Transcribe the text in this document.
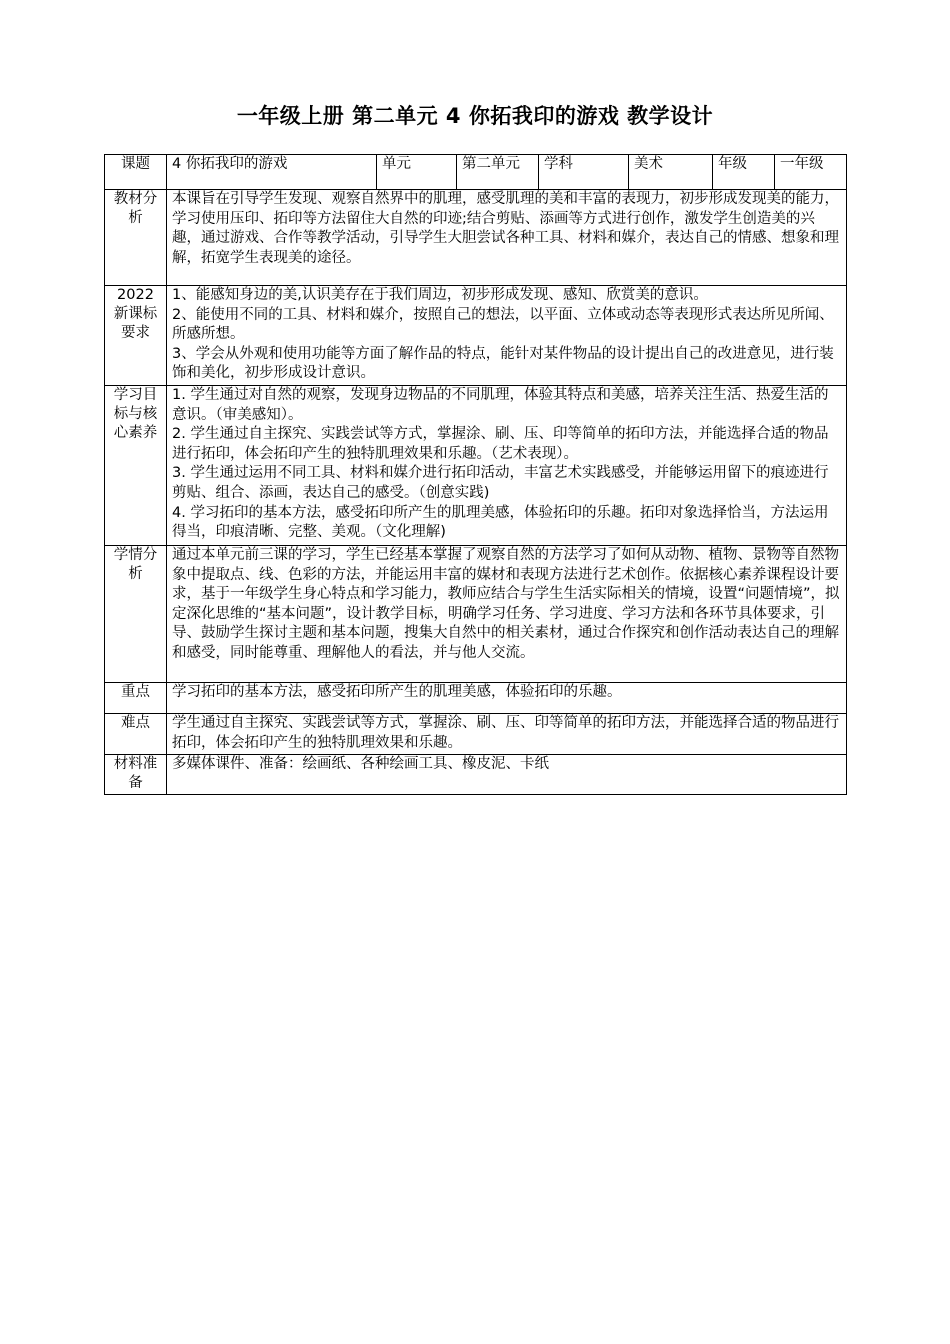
一年级上册 第二单元 4 你拓我印的游戏 教学设计
课题	4 你拓我印的游戏	单元	第二单元	学科	美术	年级	一年级
教材分析	本课旨在引导学生发现、观察自然界中的肌理，感受肌理的美和丰富的表现力，初步形成发现美的能力，学习使用压印、拓印等方法留住大自然的印迹;结合剪贴、添画等方式进行创作，激发学生创造美的兴趣，通过游戏、合作等教学活动，引导学生大胆尝试各种工具、材料和媒介，表达自己的情感、想象和理解，拓宽学生表现美的途径。						
2022新课标要求	1、能感知身边的美,认识美存在于我们周边，初步形成发现、感知、欣赏美的意识。

2、能使用不同的工具、材料和媒介，按照自己的想法，以平面、立体或动态等表现形式表达所见所闻、所感所想。

3、学会从外观和使用功能等方面了解作品的特点，能针对某件物品的设计提出自己的改进意见，进行装饰和美化，初步形成设计意识。						

学习目标与核心素养	1. 学生通过对自然的观察，发现身边物品的不同肌理，体验其特点和美感，培养关注生活、热爱生活的意识。（审美感知）。

2. 学生通过自主探究、实践尝试等方式，掌握涂、刷、压、印等简单的拓印方法，并能选择合适的物品进行拓印，体会拓印产生的独特肌理效果和乐趣。（艺术表现）。

3. 学生通过运用不同工具、材料和媒介进行拓印活动，丰富艺术实践感受，并能够运用留下的痕迹进行剪贴、组合、添画，表达自己的感受。（创意实践)

4. 学习拓印的基本方法，感受拓印所产生的肌理美感，体验拓印的乐趣。拓印对象选择恰当，方法运用得当，印痕清晰、完整、美观。（文化理解)						

学情分析	通过本单元前三课的学习，学生已经基本掌握了观察自然的方法学习了如何从动物、植物、景物等自然物象中提取点、线、色彩的方法，并能运用丰富的媒材和表现方法进行艺术创作。依据核心素养课程设计要求，基于一年级学生身心特点和学习能力，教师应结合与学生生活实际相关的情境，设置“问题情境”，拟定深化思维的“基本问题”，设计教学目标，明确学习任务、学习进度、学习方法和各环节具体要求，引导、鼓励学生探讨主题和基本问题，搜集大自然中的相关素材，通过合作探究和创作活动表达自己的理解和感受，同时能尊重、理解他人的看法，并与他人交流。						
重点	学习拓印的基本方法，感受拓印所产生的肌理美感，体验拓印的乐趣。						
难点	学生通过自主探究、实践尝试等方式，掌握涂、刷、压、印等简单的拓印方法，并能选择合适的物品进行拓印，体会拓印产生的独特肌理效果和乐趣。						
材料准备	多媒体课件、准备：绘画纸、各种绘画工具、橡皮泥、卡纸						
